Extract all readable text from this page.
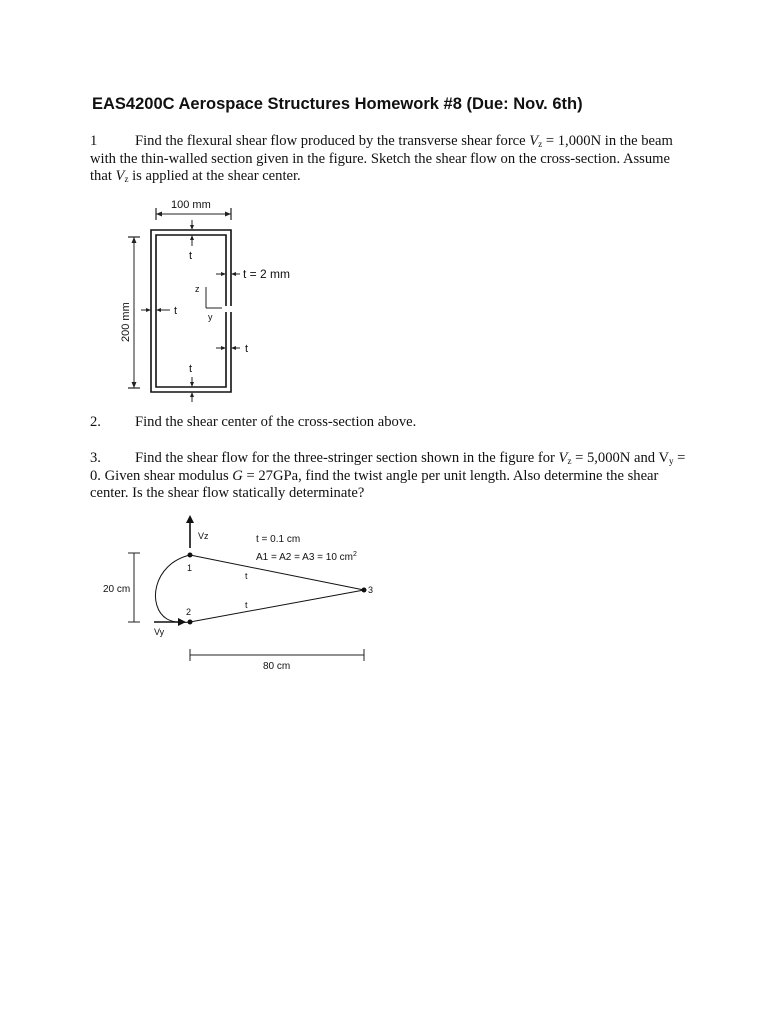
EAS4200C Aerospace Structures Homework #8 (Due: Nov. 6th)
1	Find the flexural shear flow produced by the transverse shear force $V_z = 1,000N$ in the beam with the thin-walled section given in the figure. Sketch the shear flow on the cross-section. Assume that $V_z$ is applied at the shear center.
100 mm
200 mm
t
t
t
t = 2 mm
t
z
y
2. Find the shear center of the cross-section above.
3. Find the shear flow for the three-stringer section shown in the figure for $V_z = 5,000N$ and $V_y = 0$. Given shear modulus G = 27GPa, find the twist angle per unit length. Also determine the shear center. Is the shear flow statically determinate?
Vz	t = 0.1 cm
A1 = A2 = A3 = 10 $cm^2$
20 cm
1
2
3
t
t
Vy
80 cm
